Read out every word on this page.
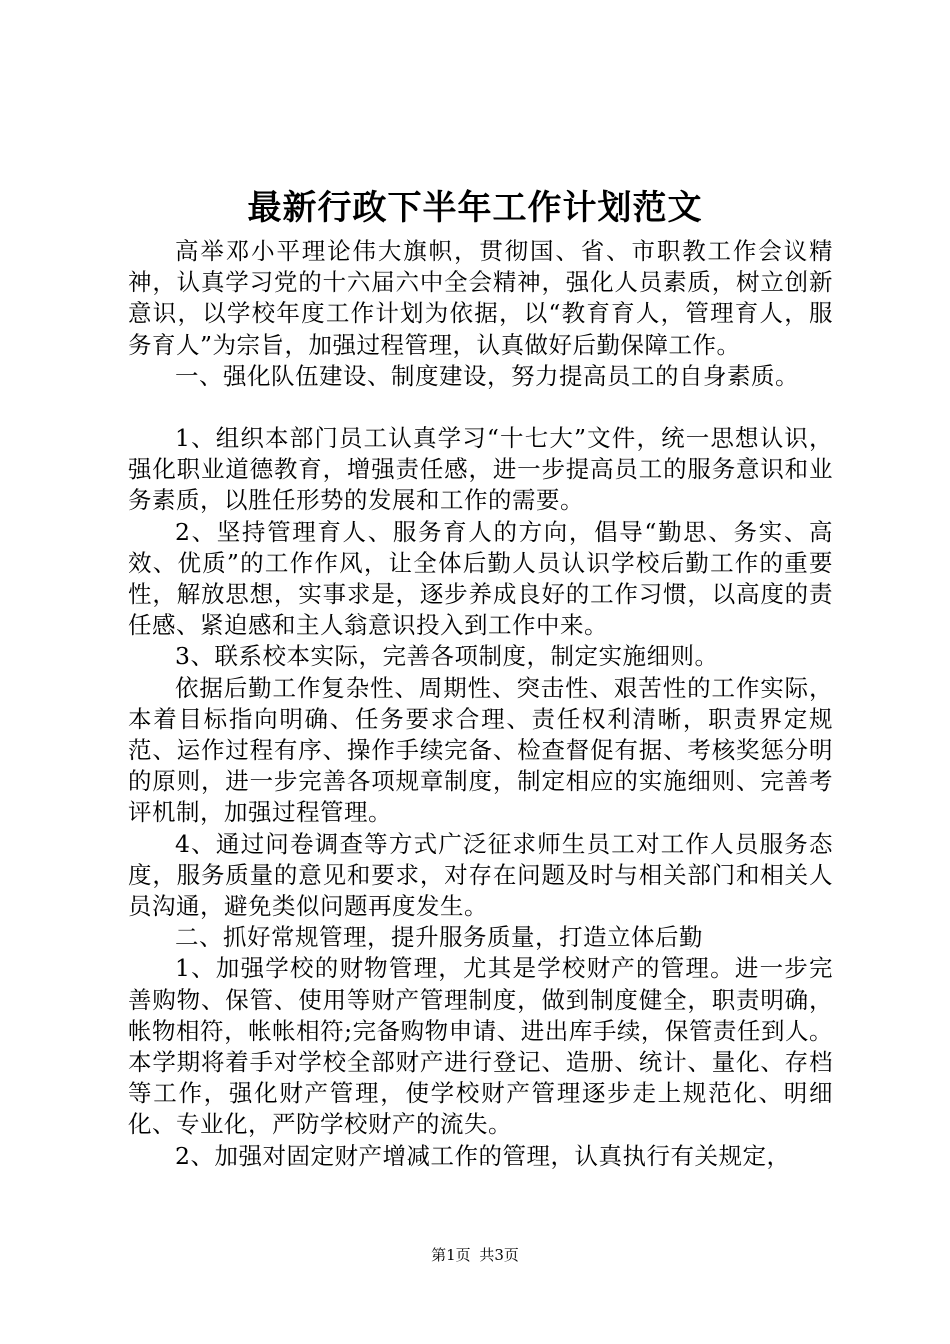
最新行政下半年工作计划范文

高举邓小平理论伟大旗帜，贯彻国、省、市职教工作会议精神，认真学习党的十六届六中全会精神，强化人员素质，树立创新意识，以学校年度工作计划为依据，以“教育育人，管理育人，服务育人”为宗旨，加强过程管理，认真做好后勤保障工作。

一、强化队伍建设、制度建设，努力提高员工的自身素质。

1、组织本部门员工认真学习“十七大”文件，统一思想认识，强化职业道德教育，增强责任感，进一步提高员工的服务意识和业务素质，以胜任形势的发展和工作的需要。

2、坚持管理育人、服务育人的方向，倡导“勤思、务实、高效、优质”的工作作风，让全体后勤人员认识学校后勤工作的重要性，解放思想，实事求是，逐步养成良好的工作习惯，以高度的责任感、紧迫感和主人翁意识投入到工作中来。

3、联系校本实际，完善各项制度，制定实施细则。

依据后勤工作复杂性、周期性、突击性、艰苦性的工作实际，本着目标指向明确、任务要求合理、责任权利清晰，职责界定规范、运作过程有序、操作手续完备、检查督促有据、考核奖惩分明的原则，进一步完善各项规章制度，制定相应的实施细则、完善考评机制，加强过程管理。

4、通过问卷调查等方式广泛征求师生员工对工作人员服务态度，服务质量的意见和要求，对存在问题及时与相关部门和相关人员沟通，避免类似问题再度发生。

二、抓好常规管理，提升服务质量，打造立体后勤

1、加强学校的财物管理，尤其是学校财产的管理。进一步完善购物、保管、使用等财产管理制度，做到制度健全，职责明确，帐物相符，帐帐相符;完备购物申请、进出库手续，保管责任到人。本学期将着手对学校全部财产进行登记、造册、统计、量化、存档等工作，强化财产管理，使学校财产管理逐步走上规范化、明细化、专业化，严防学校财产的流失。

2、加强对固定财产增减工作的管理，认真执行有关规定，

第1页 共3页
